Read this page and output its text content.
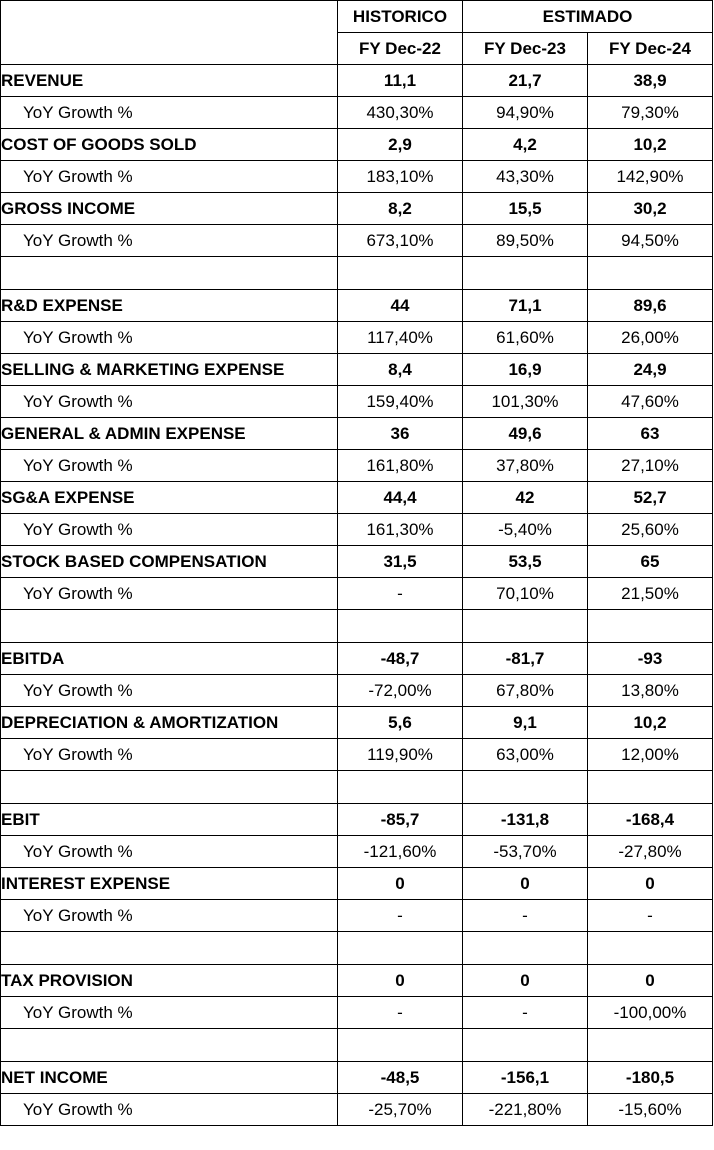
	HISTORICO	ESTIMADO	
	FY Dec-22	FY Dec-23	FY Dec-24
REVENUE	11,1	21,7	38,9
YoY Growth %	430,30%	94,90%	79,30%
COST OF GOODS SOLD	2,9	4,2	10,2
YoY Growth %	183,10%	43,30%	142,90%
GROSS INCOME	8,2	15,5	30,2
YoY Growth %	673,10%	89,50%	94,50%

R&D EXPENSE	44	71,1	89,6
YoY Growth %	117,40%	61,60%	26,00%
SELLING & MARKETING EXPENSE	8,4	16,9	24,9
YoY Growth %	159,40%	101,30%	47,60%
GENERAL & ADMIN EXPENSE	36	49,6	63
YoY Growth %	161,80%	37,80%	27,10%
SG&A EXPENSE	44,4	42	52,7
YoY Growth %	161,30%	-5,40%	25,60%
STOCK BASED COMPENSATION	31,5	53,5	65
YoY Growth %	-	70,10%	21,50%

EBITDA	-48,7	-81,7	-93
YoY Growth %	-72,00%	67,80%	13,80%
DEPRECIATION & AMORTIZATION	5,6	9,1	10,2
YoY Growth %	119,90%	63,00%	12,00%

EBIT	-85,7	-131,8	-168,4
YoY Growth %	-121,60%	-53,70%	-27,80%
INTEREST EXPENSE	0	0	0
YoY Growth %	-	-	-

TAX PROVISION	0	0	0
YoY Growth %	-	-	-100,00%

NET INCOME	-48,5	-156,1	-180,5
YoY Growth %	-25,70%	-221,80%	-15,60%
